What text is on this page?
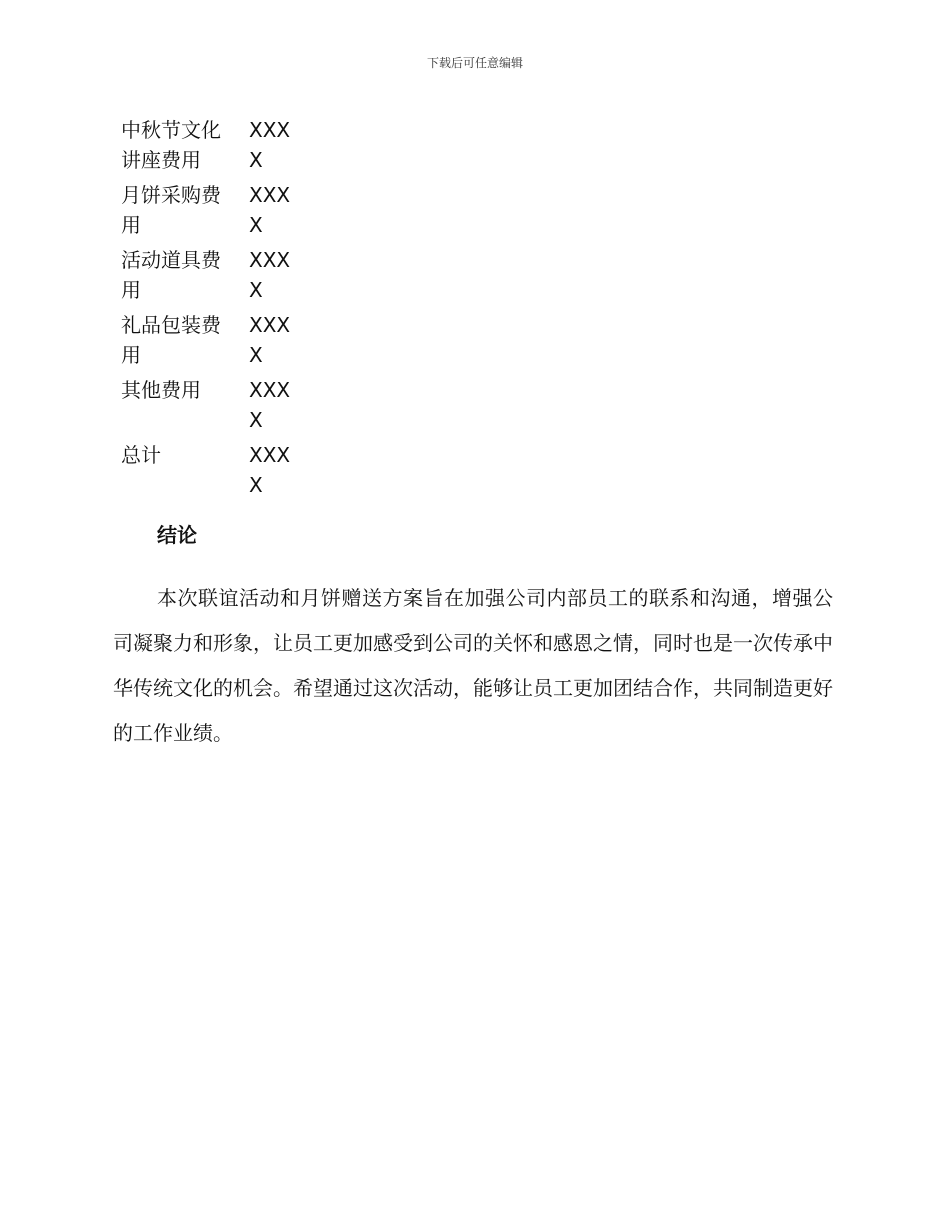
下载后可任意编辑
中秋节文化讲座费用	XXXX
月饼采购费用	XXXX
活动道具费用	XXXX
礼品包装费用	XXXX
其他费用	XXXX
总计	XXXX
结论

本次联谊活动和月饼赠送方案旨在加强公司内部员工的联系和沟通，增强公司凝聚力和形象，让员工更加感受到公司的关怀和感恩之情，同时也是一次传承中华传统文化的机会。希望通过这次活动，能够让员工更加团结合作，共同制造更好的工作业绩。
